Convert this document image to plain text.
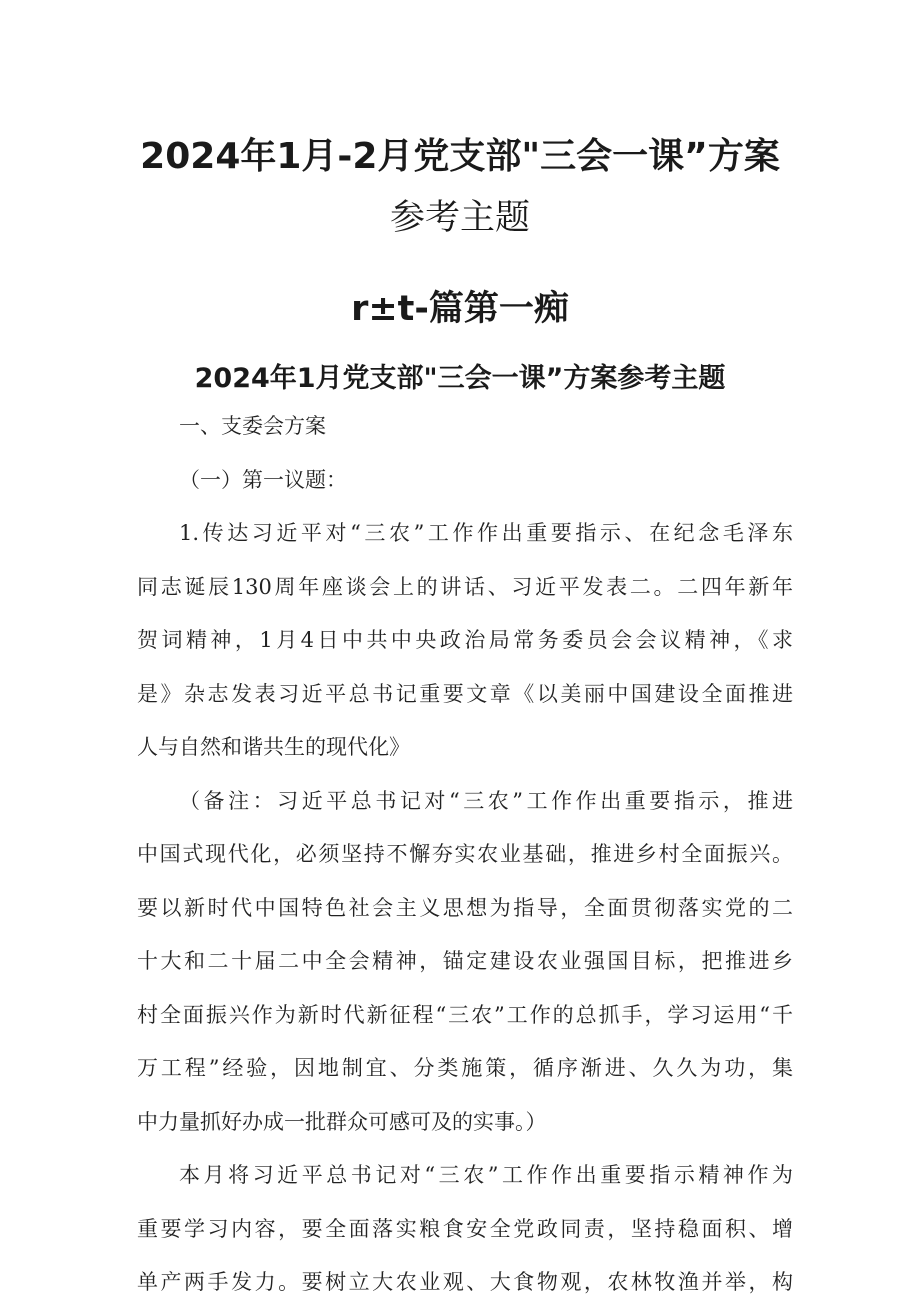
2024年1月-2月党支部"三会一课”方案
参考主题
r±t-篇第一痴
2024年1月党支部"三会一课”方案参考主题
一、支委会方案
（一）第一议题：
1.传达习近平对“三农”工作作出重要指示、在纪念毛泽东
同志诞辰130周年座谈会上的讲话、习近平发表二。二四年新年
贺词精神，1月4日中共中央政治局常务委员会会议精神，《求
是》杂志发表习近平总书记重要文章《以美丽中国建设全面推进
人与自然和谐共生的现代化》
（备注：习近平总书记对“三农”工作作出重要指示，推进
中国式现代化，必须坚持不懈夯实农业基础，推进乡村全面振兴。
要以新时代中国特色社会主义思想为指导，全面贯彻落实党的二
十大和二十届二中全会精神，锚定建设农业强国目标，把推进乡
村全面振兴作为新时代新征程“三农”工作的总抓手，学习运用“千
万工程”经验，因地制宜、分类施策，循序渐进、久久为功，集
中力量抓好办成一批群众可感可及的实事。）
本月将习近平总书记对“三农”工作作出重要指示精神作为
重要学习内容，要全面落实粮食安全党政同责，坚持稳面积、增
单产两手发力。要树立大农业观、大食物观，农林牧渔并举，构
